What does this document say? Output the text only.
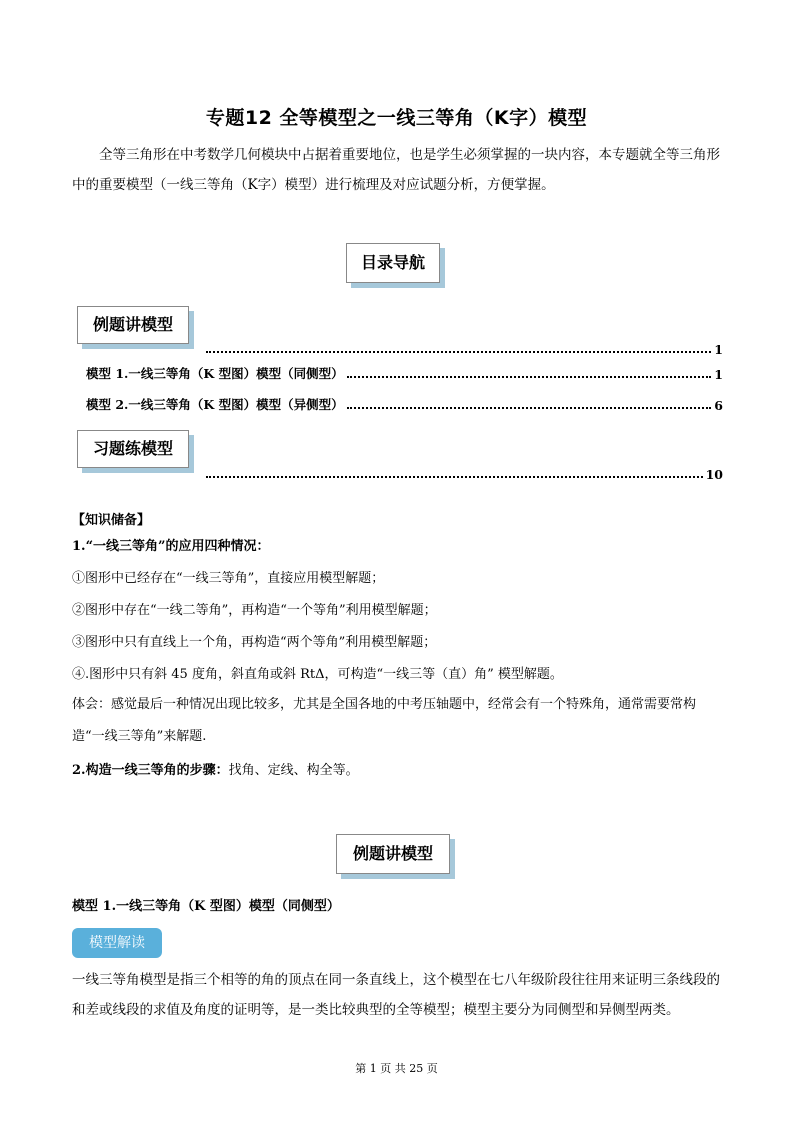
专题12 全等模型之一线三等角（K字）模型
全等三角形在中考数学几何模块中占据着重要地位，也是学生必须掌握的一块内容，本专题就全等三角形中的重要模型（一线三等角（K字）模型）进行梳理及对应试题分析，方便掌握。
目录导航
例题讲模型
1
模型 1.一线三等角（K 型图）模型（同侧型）	1
模型 2.一线三等角（K 型图）模型（异侧型）	6
习题练模型
10
【知识储备】
1.“一线三等角”的应用四种情况：
①图形中已经存在“一线三等角”，直接应用模型解题；
②图形中存在“一线二等角”，再构造“一个等角”利用模型解题；
③图形中只有直线上一个角，再构造“两个等角”利用模型解题；
④.图形中只有斜 45 度角，斜直角或斜 RtΔ，可构造“一线三等（直）角” 模型解题。
体会：感觉最后一种情况出现比较多，尤其是全国各地的中考压轴题中，经常会有一个特殊角，通常需要常构造“一线三等角”来解题.
2.构造一线三等角的步骤：找角、定线、构全等。
例题讲模型
模型 1.一线三等角（K 型图）模型（同侧型）
模型解读
一线三等角模型是指三个相等的角的顶点在同一条直线上，这个模型在七八年级阶段往往用来证明三条线段的和差或线段的求值及角度的证明等，是一类比较典型的全等模型；模型主要分为同侧型和异侧型两类。
第 1 页 共 25 页
